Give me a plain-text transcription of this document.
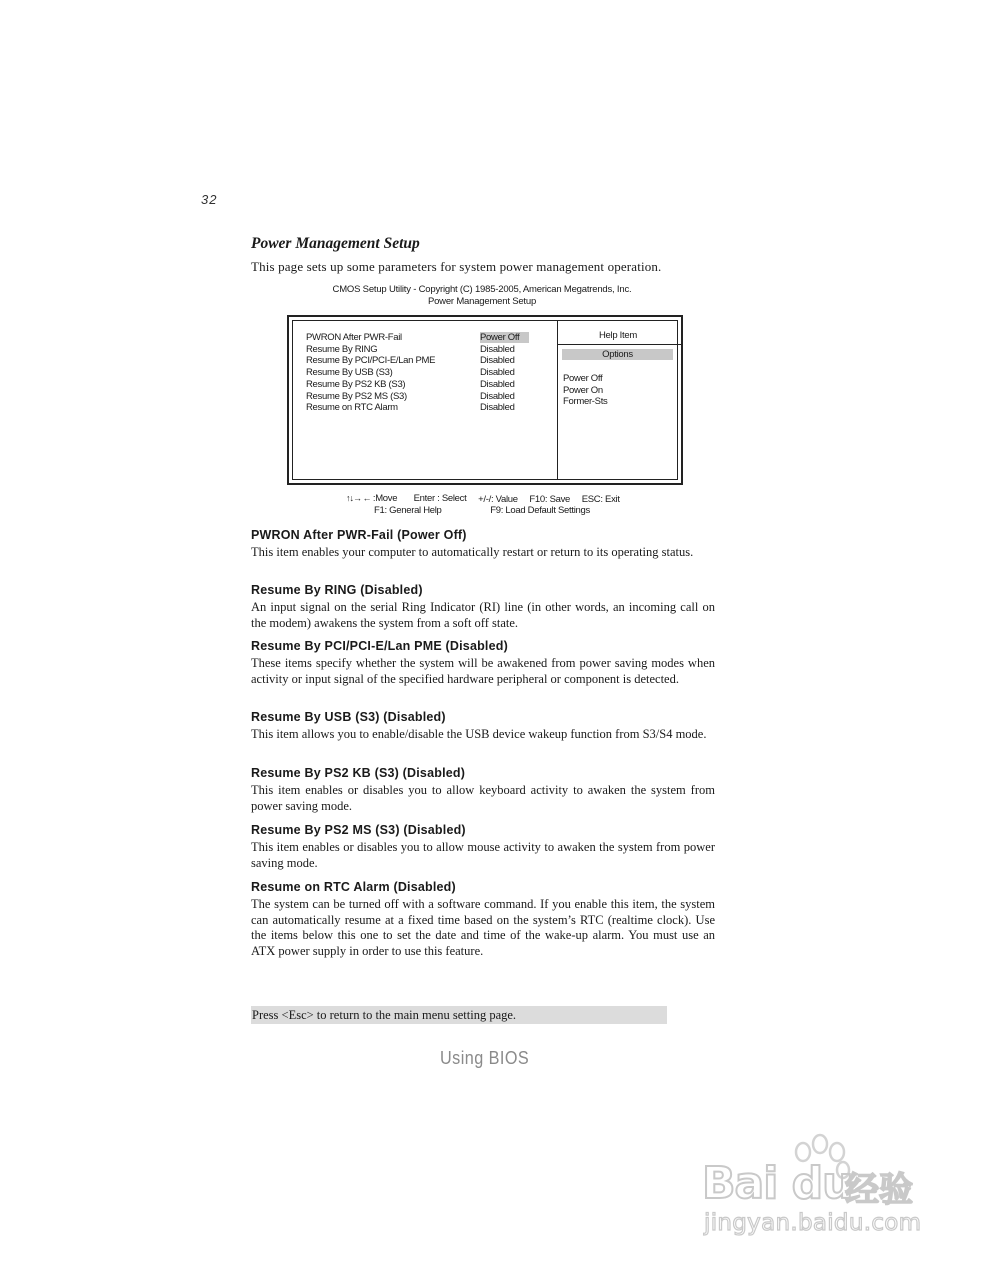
32
Power Management Setup
This page sets up some parameters for system power management operation.
CMOS Setup Utility - Copyright (C) 1985-2005, American Megatrends, Inc.
Power Management Setup
PWRON After PWR-Fail
Resume By RING
Resume By PCI/PCI-E/Lan PME
Resume By USB (S3)
Resume By PS2 KB (S3)
Resume By PS2 MS (S3)
Resume on RTC Alarm
Power Off
Disabled
Disabled
Disabled
Disabled
Disabled
Disabled
Help Item
Options
Power Off
Power On
Former-Sts
↑↓→ ← :Move Enter : Select +/-/: Value F10: Save ESC: Exit
F1: General Help	F9: Load Default Settings
PWRON After PWR-Fail (Power Off)

This item enables your computer to automatically restart or return to its operating status.

Resume By RING (Disabled)

An input signal on the serial Ring Indicator (RI) line (in other words, an incoming call on the modem) awakens the system from a soft off state.

Resume By PCI/PCI-E/Lan PME (Disabled)

These items specify whether the system will be awakened from power saving modes when activity or input signal of the specified hardware peripheral or component is detected.

Resume By USB (S3) (Disabled)

This item allows you to enable/disable the USB device wakeup function from S3/S4 mode.

Resume By PS2 KB (S3) (Disabled)

This item enables or disables you to allow keyboard activity to awaken the system from power saving mode.

Resume By PS2 MS (S3) (Disabled)

This item enables or disables you to allow mouse activity to awaken the system from power saving mode.

Resume on RTC Alarm (Disabled)

The system can be turned off with a software command. If you enable this item, the system can automatically resume at a fixed time based on the system’s RTC (realtime clock). Use the items below this one to set the date and time of the wake-up alarm. You must use an ATX power supply in order to use this feature.

Press <Esc> to return to the main menu setting page.
Using BIOS
Bai du
经验
jingyan.baidu.com
